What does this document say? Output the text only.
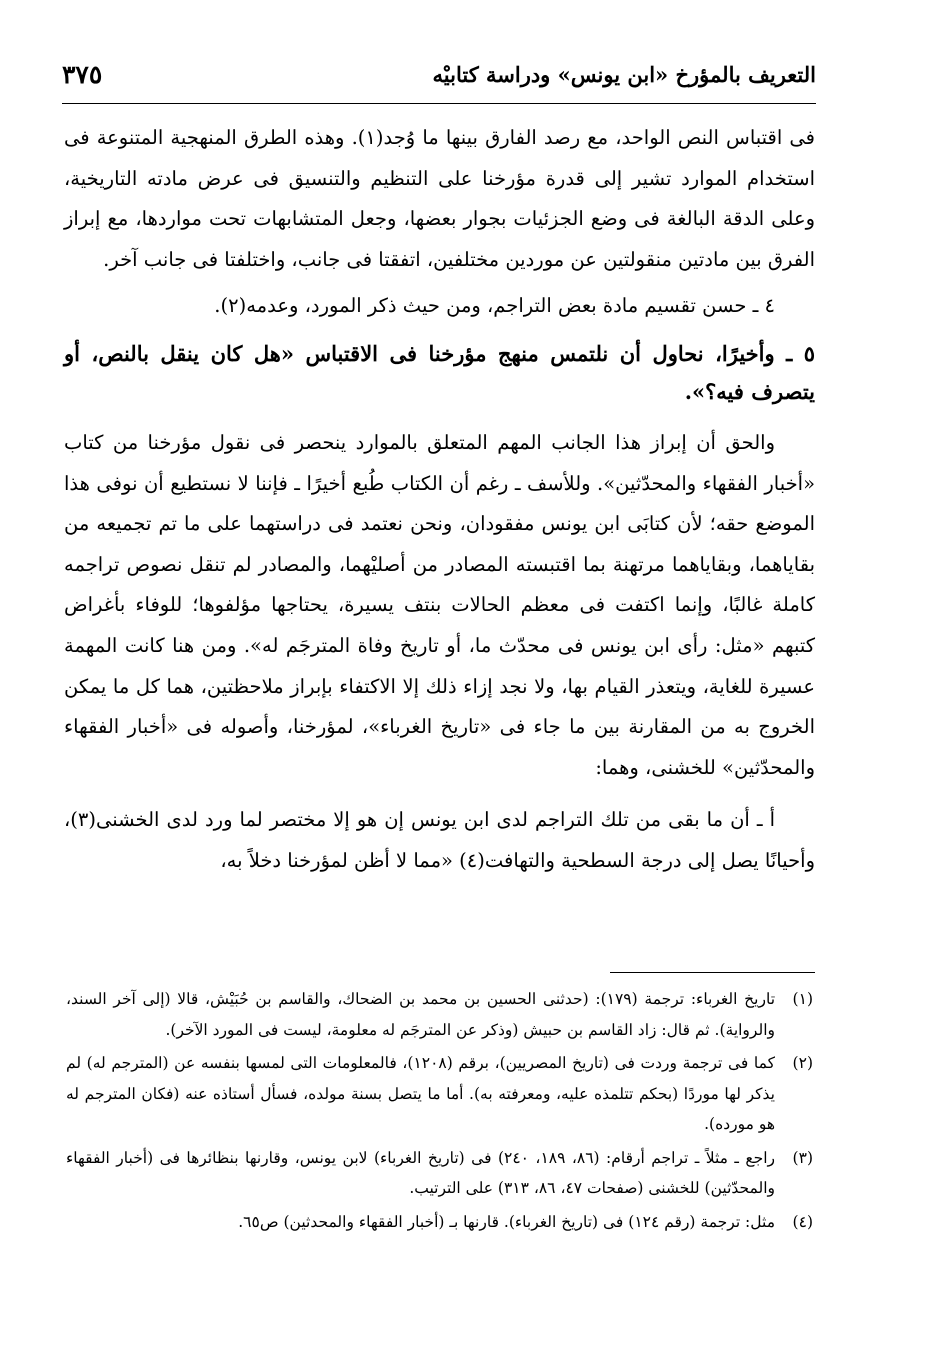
التعريف بالمؤرخ «ابن يونس» ودراسة كتابيْه
٣٧٥

فى اقتباس النص الواحد، مع رصد الفارق بينها ما وُجد(١). وهذه الطرق المنهجية المتنوعة فى استخدام الموارد تشير إلى قدرة مؤرخنا على التنظيم والتنسيق فى عرض مادته التاريخية، وعلى الدقة البالغة فى وضع الجزئيات بجوار بعضها، وجعل المتشابهات تحت مواردها، مع إبراز الفرق بين مادتين منقولتين عن موردين مختلفين، اتفقتا فى جانب، واختلفتا فى جانب آخر.

٤ ـ حسن تقسيم مادة بعض التراجم، ومن حيث ذكر المورد، وعدمه(٢).

٥ ـ وأخيرًا، نحاول أن نلتمس منهج مؤرخنا فى الاقتباس «هل كان ينقل بالنص، أو يتصرف فيه؟».

والحق أن إبراز هذا الجانب المهم المتعلق بالموارد ينحصر فى نقول مؤرخنا من كتاب «أخبار الفقهاء والمحدّثين». وللأسف ـ رغم أن الكتاب طُبع أخيرًا ـ فإننا لا نستطيع أن نوفى هذا الموضع حقه؛ لأن كتابَى ابن يونس مفقودان، ونحن نعتمد فى دراستهما على ما تم تجميعه من بقاياهما، وبقاياهما مرتهنة بما اقتبسته المصادر من أصليْهما، والمصادر لم تنقل نصوص تراجمه كاملة غالبًا، وإنما اكتفت فى معظم الحالات بنتف يسيرة، يحتاجها مؤلفوها؛ للوفاء بأغراض كتبهم «مثل: رأى ابن يونس فى محدّث ما، أو تاريخ وفاة المترجَم له». ومن هنا كانت المهمة عسيرة للغاية، ويتعذر القيام بها، ولا نجد إزاء ذلك إلا الاكتفاء بإبراز ملاحظتين، هما كل ما يمكن الخروج به من المقارنة بين ما جاء فى «تاريخ الغرباء»، لمؤرخنا، وأصوله فى «أخبار الفقهاء والمحدّثين» للخشنى، وهما:

أ ـ أن ما بقى من تلك التراجم لدى ابن يونس إن هو إلا مختصر لما ورد لدى الخشنى(٣)، وأحيانًا يصل إلى درجة السطحية والتهافت(٤) «مما لا أظن لمؤرخنا دخلاً به،

(١)
تاريخ الغرباء: ترجمة (١٧٩): (حدثنى الحسين بن محمد بن الضحاك، والقاسم بن حُبَيْش، قالا (إلى آخر السند، والرواية). ثم قال: زاد القاسم بن حبيش (وذكر عن المترجَم له معلومة، ليست فى المورد الآخر).
(٢)
كما فى ترجمة وردت فى (تاريخ المصريين)، برقم (١٢٠٨)، فالمعلومات التى لمسها بنفسه عن (المترجم له) لم يذكر لها موردًا (بحكم تتلمذه عليه، ومعرفته به). أما ما يتصل بسنة مولده، فسأل أستاذه عنه (فكان المترجم له هو مورده).
(٣)
راجع ـ مثلاً ـ تراجم أرقام: (٨٦، ١٨٩، ٢٤٠) فى (تاريخ الغرباء) لابن يونس، وقارنها بنظائرها فى (أخبار الفقهاء والمحدّثين) للخشنى (صفحات ٤٧، ٨٦، ٣١٣) على الترتيب.
(٤)
مثل: ترجمة (رقم ١٢٤) فى (تاريخ الغرباء). قارنها بـ (أخبار الفقهاء والمحدثين) ص٦٥.
